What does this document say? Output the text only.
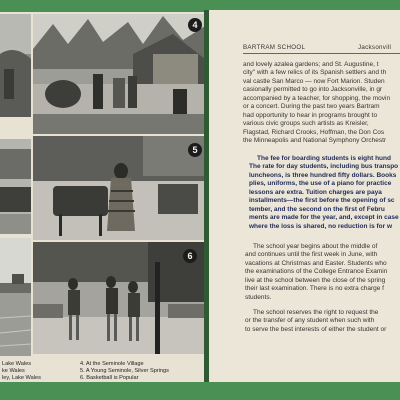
4
5
6
Lake Wales
ke Wales
ley, Lake Wales
4. At the Seminole Village
5. A Young Seminole, Silver Springs
6. Basketball is Popular
BARTRAM SCHOOL	Jacksonvill
and lovely azalea gardens; and St. Augustine, t
city" with a few relics of its Spanish settlers and th
val castle San Marco — now Fort Marion. Studen
casionally permitted to go into Jacksonville, in gr
accompanied by a teacher, for shopping, the movin
or a concert. During the past two years Bartram
had opportunity to hear in programs brought to
various civic groups such artists as Kreisler,
Flagstad, Richard Crooks, Hoffman, the Don Cos
the Minneapolis and National Symphony Orchestr
The fee for boarding students is eight hund
The rate for day students, including bus transpo
luncheons, is three hundred fifty dollars. Books
plies, uniforms, the use of a piano for practice
lessons are extra. Tuition charges are paya
installments—the first before the opening of sc
tember, and the second on the first of Febru
ments are made for the year, and, except in case
where the loss is shared, no reduction is for w
The school year begins about the middle of
and continues until the first week in June, with
vacations at Christmas and Easter. Students who
the examinations of the College Entrance Examin
live at the school between the close of the spring
their last examination. There is no extra charge f
students.
The school reserves the right to request the
or the transfer of any student when such with
to serve the best interests of either the student or
